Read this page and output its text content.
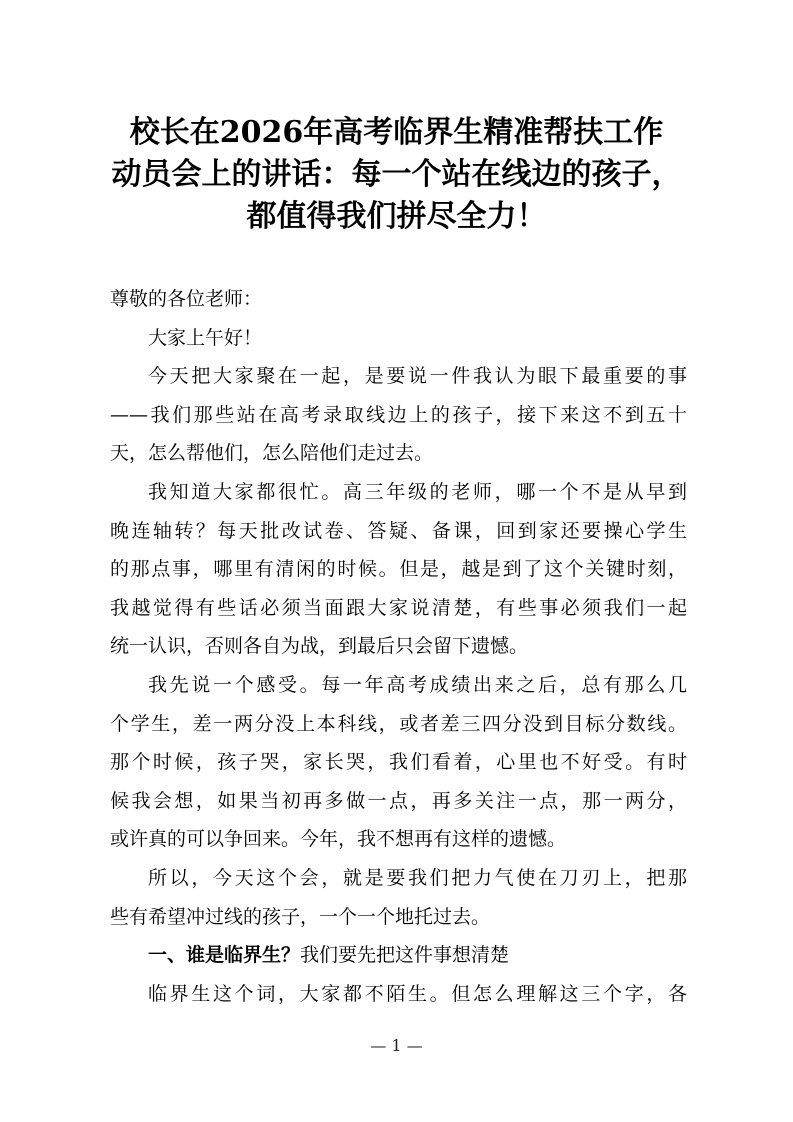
校长在2026年高考临界生精准帮扶工作
动员会上的讲话：每一个站在线边的孩子，
都值得我们拼尽全力！
尊敬的各位老师：
大家上午好！
今天把大家聚在一起，是要说一件我认为眼下最重要的事
——我们那些站在高考录取线边上的孩子，接下来这不到五十
天，怎么帮他们，怎么陪他们走过去。
我知道大家都很忙。高三年级的老师，哪一个不是从早到
晚连轴转？每天批改试卷、答疑、备课，回到家还要操心学生
的那点事，哪里有清闲的时候。但是，越是到了这个关键时刻，
我越觉得有些话必须当面跟大家说清楚，有些事必须我们一起
统一认识，否则各自为战，到最后只会留下遗憾。
我先说一个感受。每一年高考成绩出来之后，总有那么几
个学生，差一两分没上本科线，或者差三四分没到目标分数线。
那个时候，孩子哭，家长哭，我们看着，心里也不好受。有时
候我会想，如果当初再多做一点，再多关注一点，那一两分，
或许真的可以争回来。今年，我不想再有这样的遗憾。
所以，今天这个会，就是要我们把力气使在刀刃上，把那
些有希望冲过线的孩子，一个一个地托过去。
一、谁是临界生？我们要先把这件事想清楚
临界生这个词，大家都不陌生。但怎么理解这三个字，各
— 1 —
